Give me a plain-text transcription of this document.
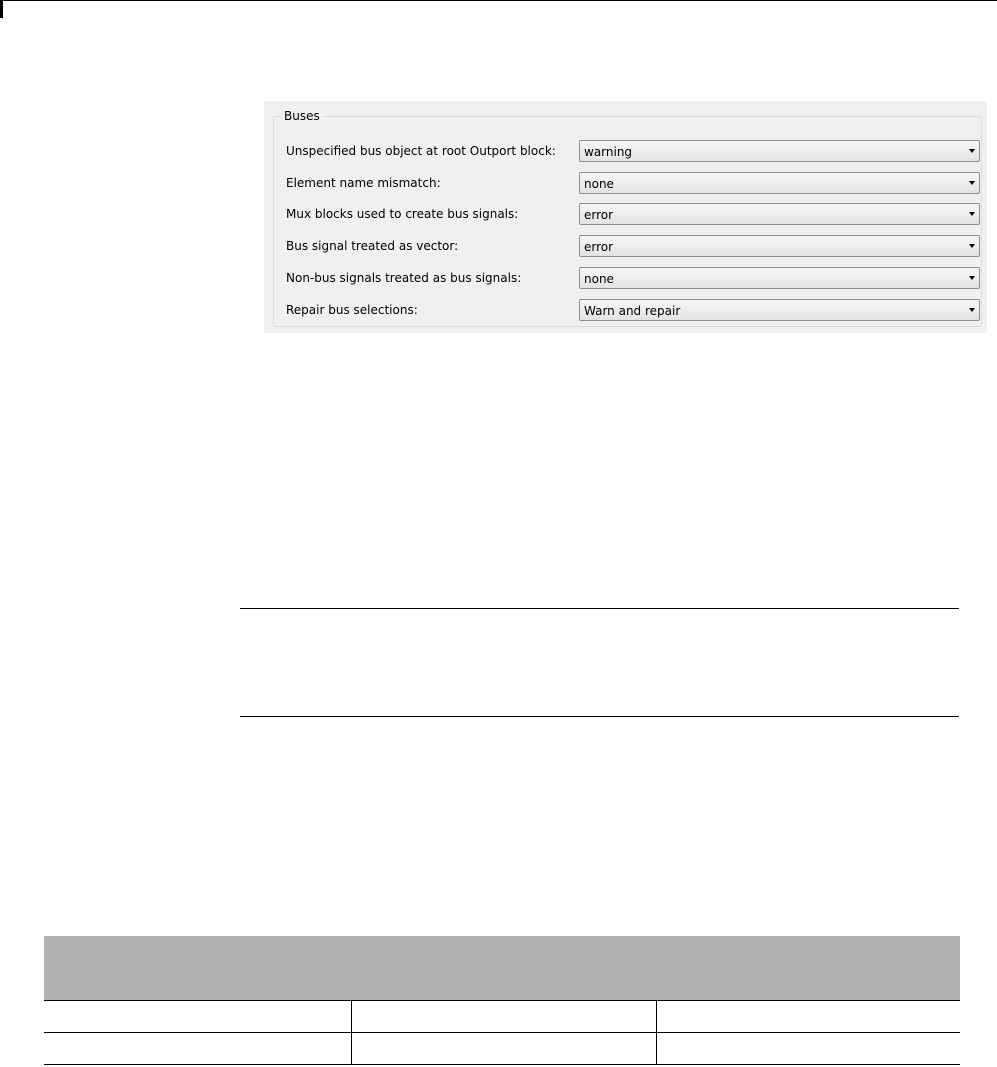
Buses
Unspecified bus object at root Outport block: warning
Element name mismatch:	none
Mux blocks used to create bus signals:	error
Bus signal treated as vector:	error
Non-bus signals treated as bus signals:	none
Repair bus selections:	Warn and repair
